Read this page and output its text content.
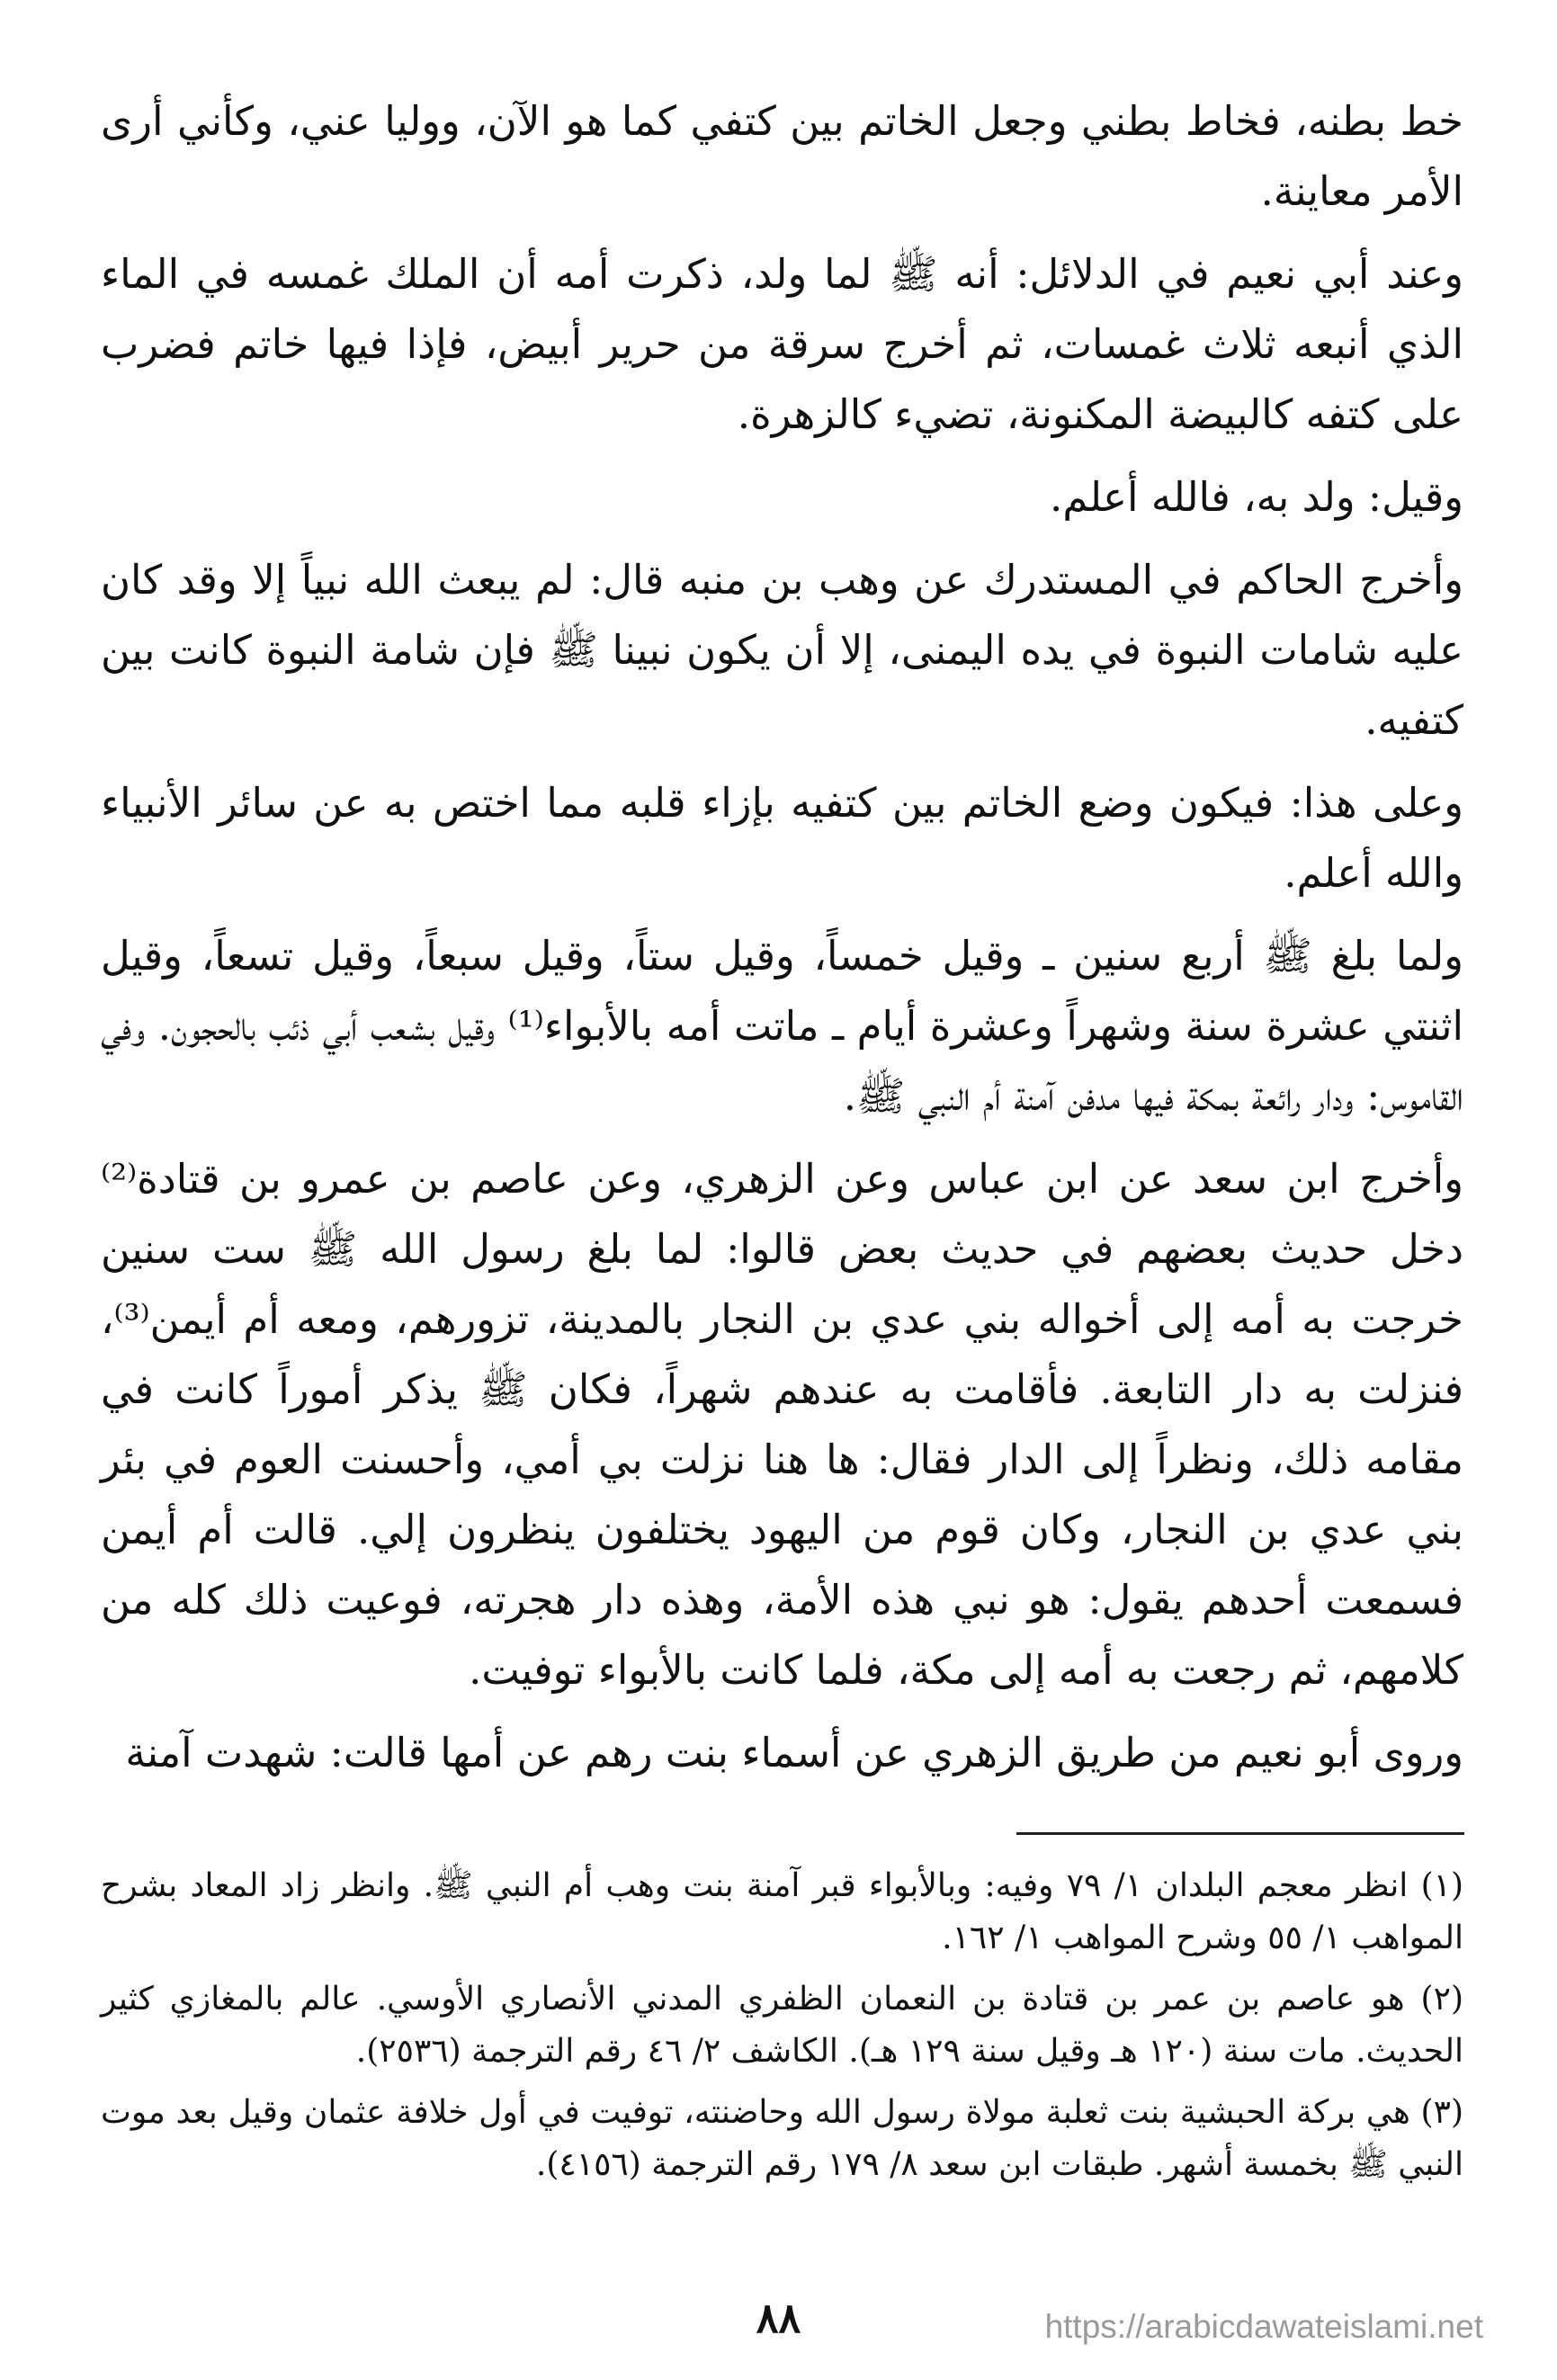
خط بطنه، فخاط بطني وجعل الخاتم بين كتفي كما هو الآن، ووليا عني، وكأني أرى الأمر معاينة.

وعند أبي نعيم في الدلائل: أنه ﷺ لما ولد، ذكرت أمه أن الملك غمسه في الماء الذي أنبعه ثلاث غمسات، ثم أخرج سرقة من حرير أبيض، فإذا فيها خاتم فضرب على كتفه كالبيضة المكنونة، تضيء كالزهرة.

وقيل: ولد به، فالله أعلم.

وأخرج الحاكم في المستدرك عن وهب بن منبه قال: لم يبعث الله نبياً إلا وقد كان عليه شامات النبوة في يده اليمنى، إلا أن يكون نبينا ﷺ فإن شامة النبوة كانت بين كتفيه.

وعلى هذا: فيكون وضع الخاتم بين كتفيه بإزاء قلبه مما اختص به عن سائر الأنبياء والله أعلم.

ولما بلغ ﷺ أربع سنين ـ وقيل خمساً، وقيل ستاً، وقيل سبعاً، وقيل تسعاً، وقيل اثنتي عشرة سنة وشهراً وعشرة أيام ـ ماتت أمه بالأبواء⁽¹⁾ وقيل بشعب أبي ذئب بالحجون. وفي القاموس: ودار رائعة بمكة فيها مدفن آمنة أم النبي ﷺ.

وأخرج ابن سعد عن ابن عباس وعن الزهري، وعن عاصم بن عمرو بن قتادة⁽²⁾ دخل حديث بعضهم في حديث بعض قالوا: لما بلغ رسول الله ﷺ ست سنين خرجت به أمه إلى أخواله بني عدي بن النجار بالمدينة، تزورهم، ومعه أم أيمن⁽³⁾، فنزلت به دار التابعة. فأقامت به عندهم شهراً، فكان ﷺ يذكر أموراً كانت في مقامه ذلك، ونظراً إلى الدار فقال: ها هنا نزلت بي أمي، وأحسنت العوم في بئر بني عدي بن النجار، وكان قوم من اليهود يختلفون ينظرون إلي. قالت أم أيمن فسمعت أحدهم يقول: هو نبي هذه الأمة، وهذه دار هجرته، فوعيت ذلك كله من كلامهم، ثم رجعت به أمه إلى مكة، فلما كانت بالأبواء توفيت.

وروى أبو نعيم من طريق الزهري عن أسماء بنت رهم عن أمها قالت: شهدت آمنة

(١) انظر معجم البلدان ١/ ٧٩ وفيه: وبالأبواء قبر آمنة بنت وهب أم النبي ﷺ. وانظر زاد المعاد بشرح المواهب ١/ ٥٥ وشرح المواهب ١/ ١٦٢.

(٢) هو عاصم بن عمر بن قتادة بن النعمان الظفري المدني الأنصاري الأوسي. عالم بالمغازي كثير الحديث. مات سنة (١٢٠ هـ وقيل سنة ١٢٩ هـ). الكاشف ٢/ ٤٦ رقم الترجمة (٢٥٣٦).

(٣) هي بركة الحبشية بنت ثعلبة مولاة رسول الله وحاضنته، توفيت في أول خلافة عثمان وقيل بعد موت النبي ﷺ بخمسة أشهر. طبقات ابن سعد ٨/ ١٧٩ رقم الترجمة (٤١٥٦).

٨٨	https://arabicdawateislami.net
